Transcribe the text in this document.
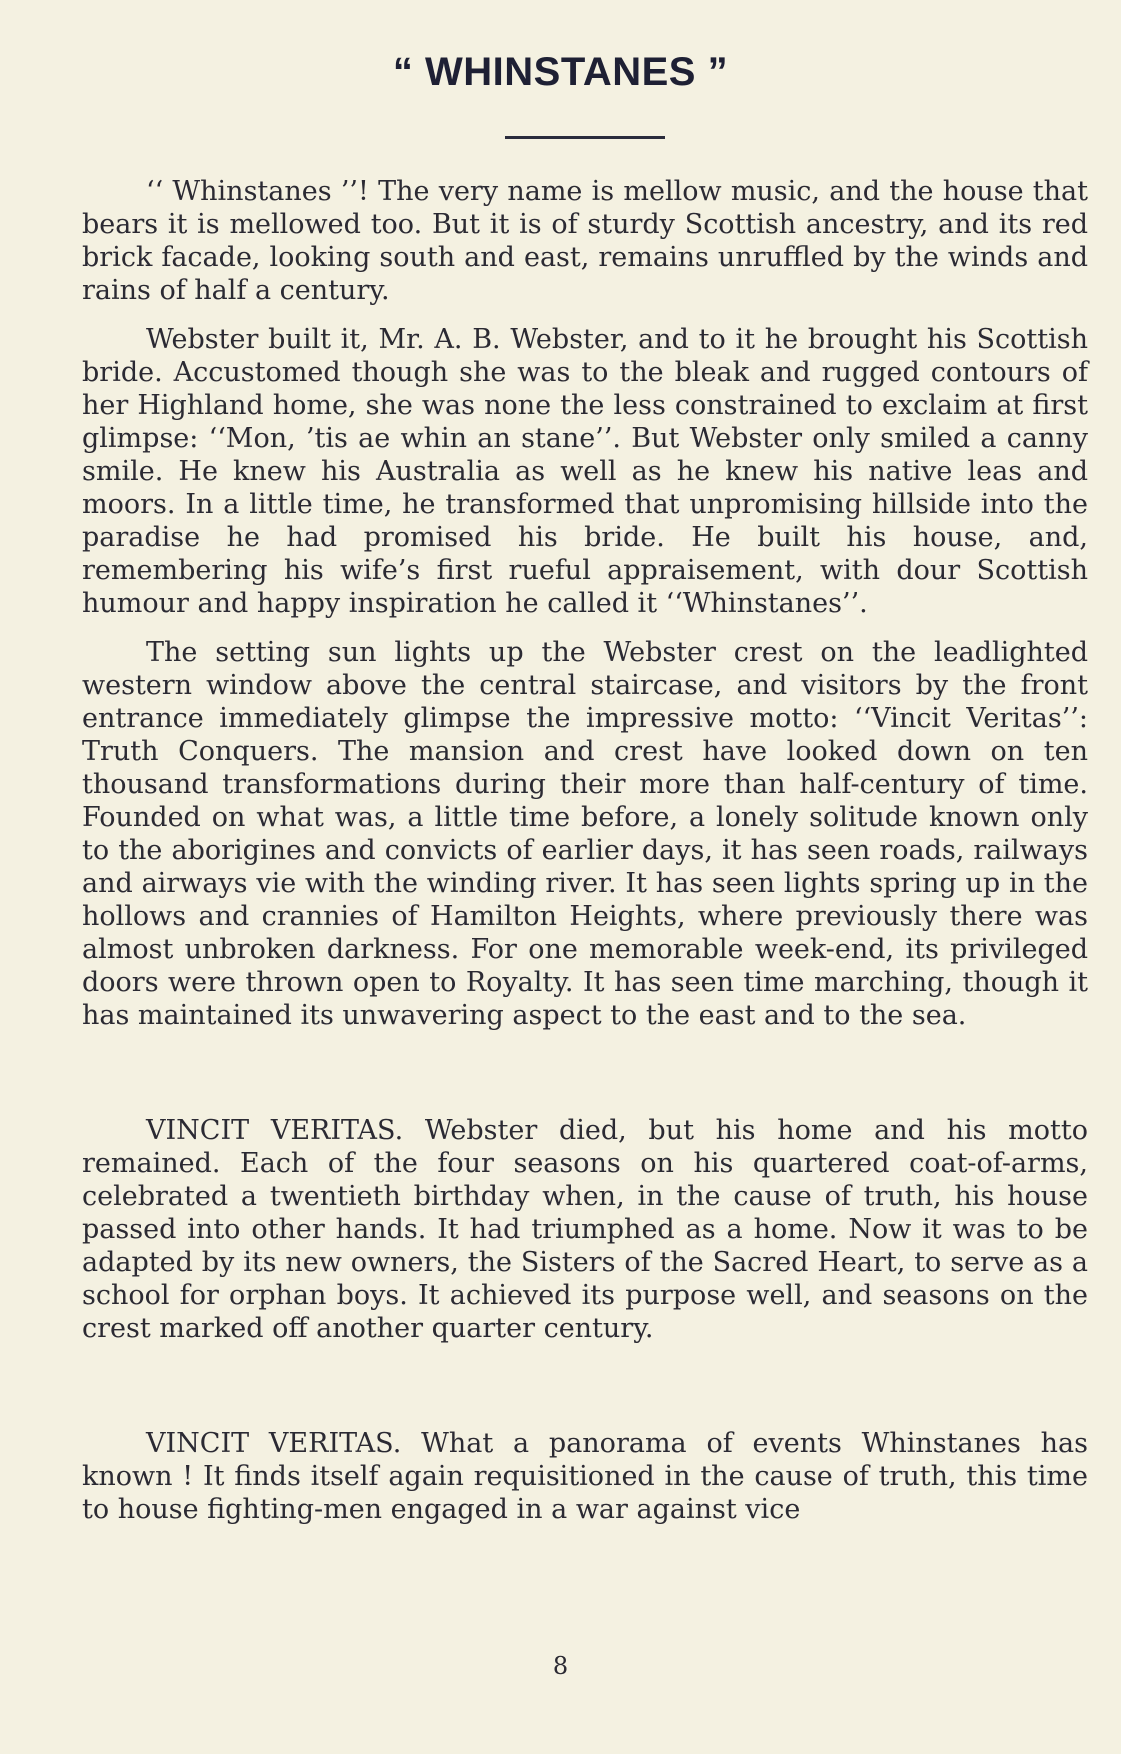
“ WHINSTANES ”

‘‘ Whinstanes ’’! The very name is mellow music, and the house that bears it is mellowed too. But it is of sturdy Scottish ancestry, and its red brick facade, looking south and east, remains unruffled by the winds and rains of half a century.

Webster built it, Mr. A. B. Webster, and to it he brought his Scottish bride. Accustomed though she was to the bleak and rugged contours of her Highland home, she was none the less constrained to exclaim at first glimpse: ‘‘Mon, ’tis ae whin an stane’’. But Webster only smiled a canny smile. He knew his Australia as well as he knew his native leas and moors. In a little time, he transformed that unpromising hillside into the paradise he had promised his bride. He built his house, and, remembering his wife’s first rueful appraisement, with dour Scottish humour and happy inspiration he called it ‘‘Whinstanes’’.

The setting sun lights up the Webster crest on the leadlighted western window above the central staircase, and visitors by the front entrance immediately glimpse the impressive motto: ‘‘Vincit Veritas’’: Truth Conquers. The mansion and crest have looked down on ten thousand transformations during their more than half-century of time. Founded on what was, a little time before, a lonely solitude known only to the aborigines and convicts of earlier days, it has seen roads, railways and airways vie with the winding river. It has seen lights spring up in the hollows and crannies of Hamilton Heights, where previously there was almost unbroken darkness. For one memorable week-end, its privileged doors were thrown open to Royalty. It has seen time marching, though it has maintained its unwavering aspect to the east and to the sea.

VINCIT VERITAS. Webster died, but his home and his motto remained. Each of the four seasons on his quartered coat-of-arms, celebrated a twentieth birthday when, in the cause of truth, his house passed into other hands. It had triumphed as a home. Now it was to be adapted by its new owners, the Sisters of the Sacred Heart, to serve as a school for orphan boys. It achieved its purpose well, and seasons on the crest marked off another quarter century.

VINCIT VERITAS. What a panorama of events Whinstanes has known ! It finds itself again requisitioned in the cause of truth, this time to house fighting-men engaged in a war against vice

8
